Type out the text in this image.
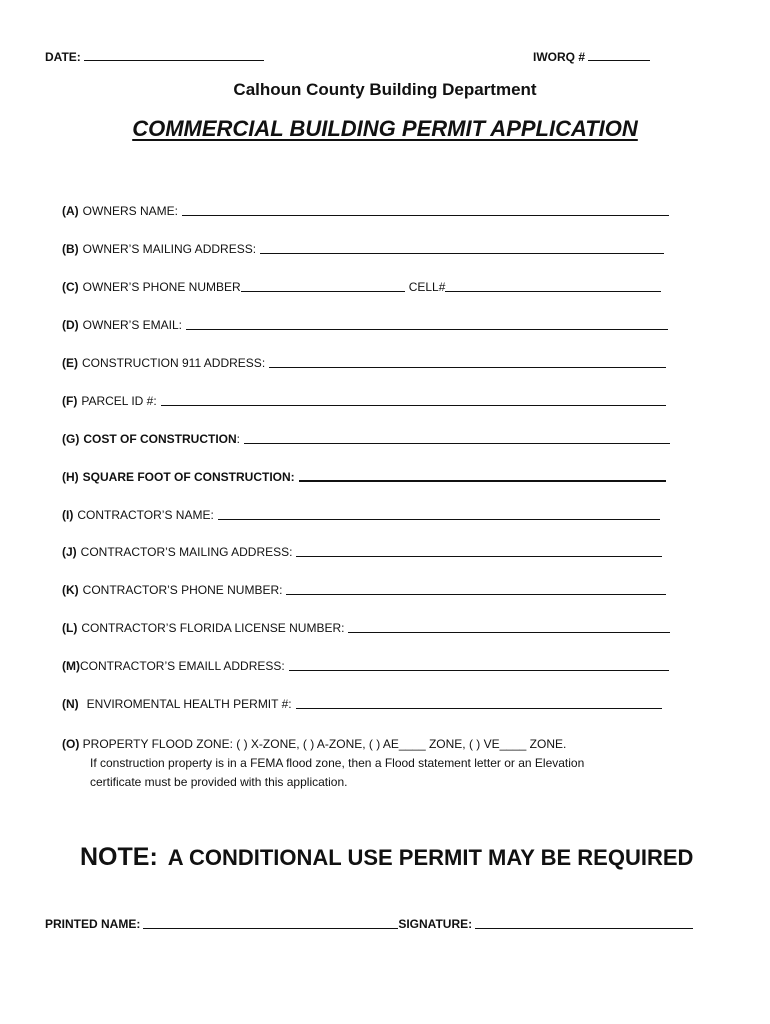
DATE:	IWORQ #
Calhoun County Building Department
COMMERCIAL BUILDING PERMIT APPLICATION
(A) OWNERS NAME:
(B) OWNER’S MAILING ADDRESS:
(C) OWNER’S PHONE NUMBER	CELL#
(D) OWNER’S EMAIL:
(E) CONSTRUCTION 911 ADDRESS:
(F) PARCEL ID #:
(G) COST OF CONSTRUCTION :
(H) SQUARE FOOT OF CONSTRUCTION:
(I) CONTRACTOR’S NAME:
(J) CONTRACTOR’S MAILING ADDRESS:
(K) CONTRACTOR’S PHONE NUMBER:
(L) CONTRACTOR’S FLORIDA LICENSE NUMBER:
(M) CONTRACTOR’S EMAILL ADDRESS:
(N) ENVIROMENTAL HEALTH PERMIT #:
(O) PROPERTY FLOOD ZONE: ( ) X-ZONE, ( ) A-ZONE, ( ) AE____ ZONE, ( ) VE____ ZONE.
If construction property is in a FEMA flood zone, then a Flood statement letter or an Elevation
certificate must be provided with this application.
NOTE: A CONDITIONAL USE PERMIT MAY BE REQUIRED
PRINTED NAME:	SIGNATURE:
